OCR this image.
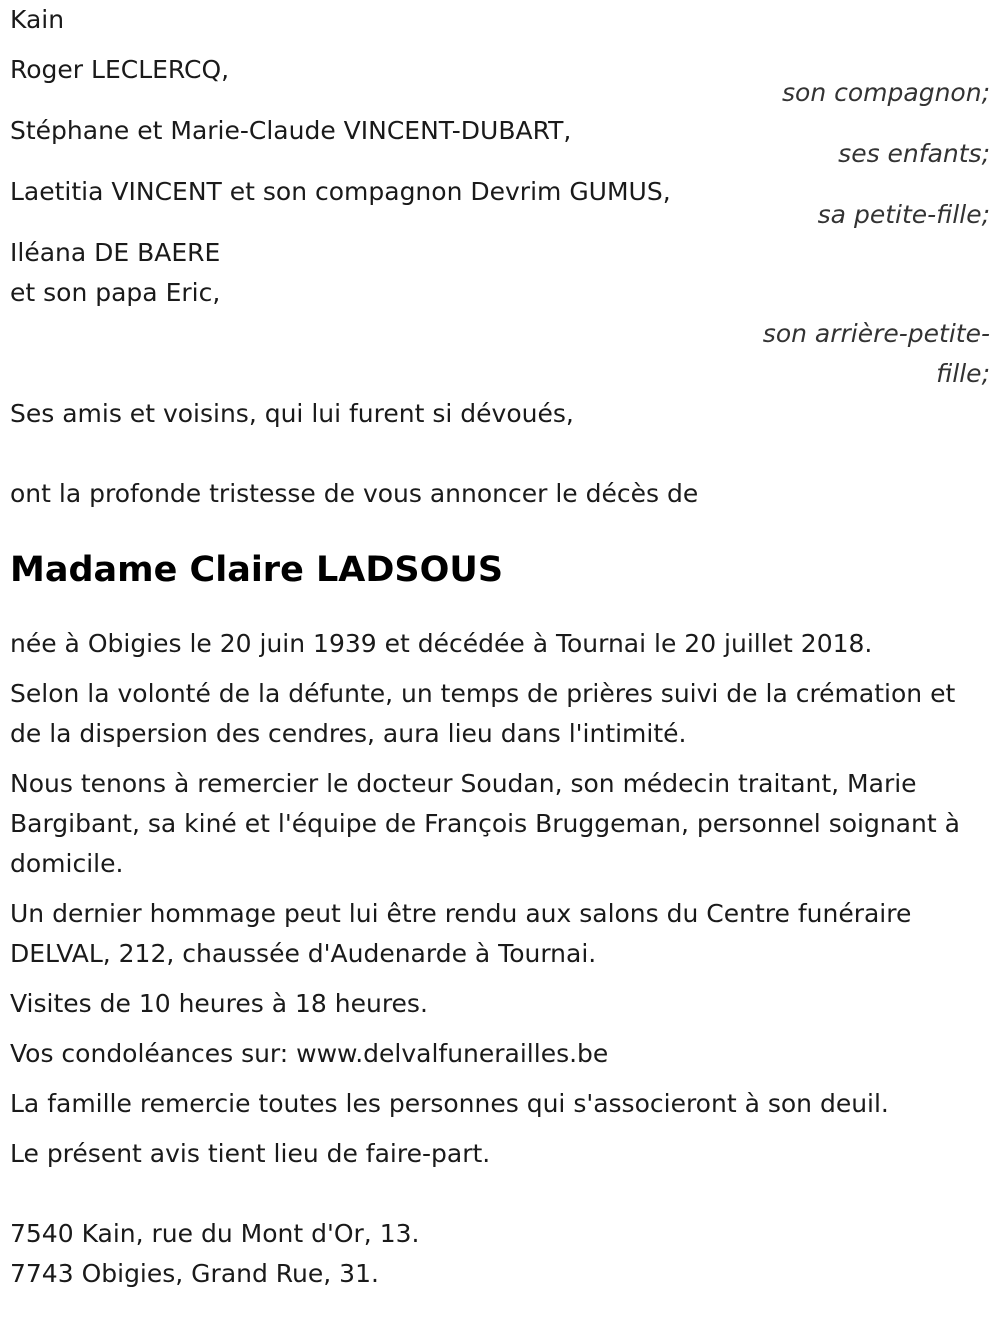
Kain
Roger LECLERCQ,
son compagnon;
Stéphane et Marie-Claude VINCENT-DUBART,
ses enfants;
Laetitia VINCENT et son compagnon Devrim GUMUS,
sa petite-fille;
Iléana DE BAERE
et son papa Eric,
son arrière-petite-
fille;
Ses amis et voisins, qui lui furent si dévoués,
ont la profonde tristesse de vous annoncer le décès de
Madame Claire LADSOUS
née à Obigies le 20 juin 1939 et décédée à Tournai le 20 juillet 2018.
Selon la volonté de la défunte, un temps de prières suivi de la crémation et de la dispersion des cendres, aura lieu dans l'intimité.
Nous tenons à remercier le docteur Soudan, son médecin traitant, Marie Bargibant, sa kiné et l'équipe de François Bruggeman, personnel soignant à domicile.
Un dernier hommage peut lui être rendu aux salons du Centre funéraire DELVAL, 212, chaussée d'Audenarde à Tournai.
Visites de 10 heures à 18 heures.
Vos condoléances sur: www.delvalfunerailles.be
La famille remercie toutes les personnes qui s'associeront à son deuil.
Le présent avis tient lieu de faire-part.
7540 Kain, rue du Mont d'Or, 13.
7743 Obigies, Grand Rue, 31.
